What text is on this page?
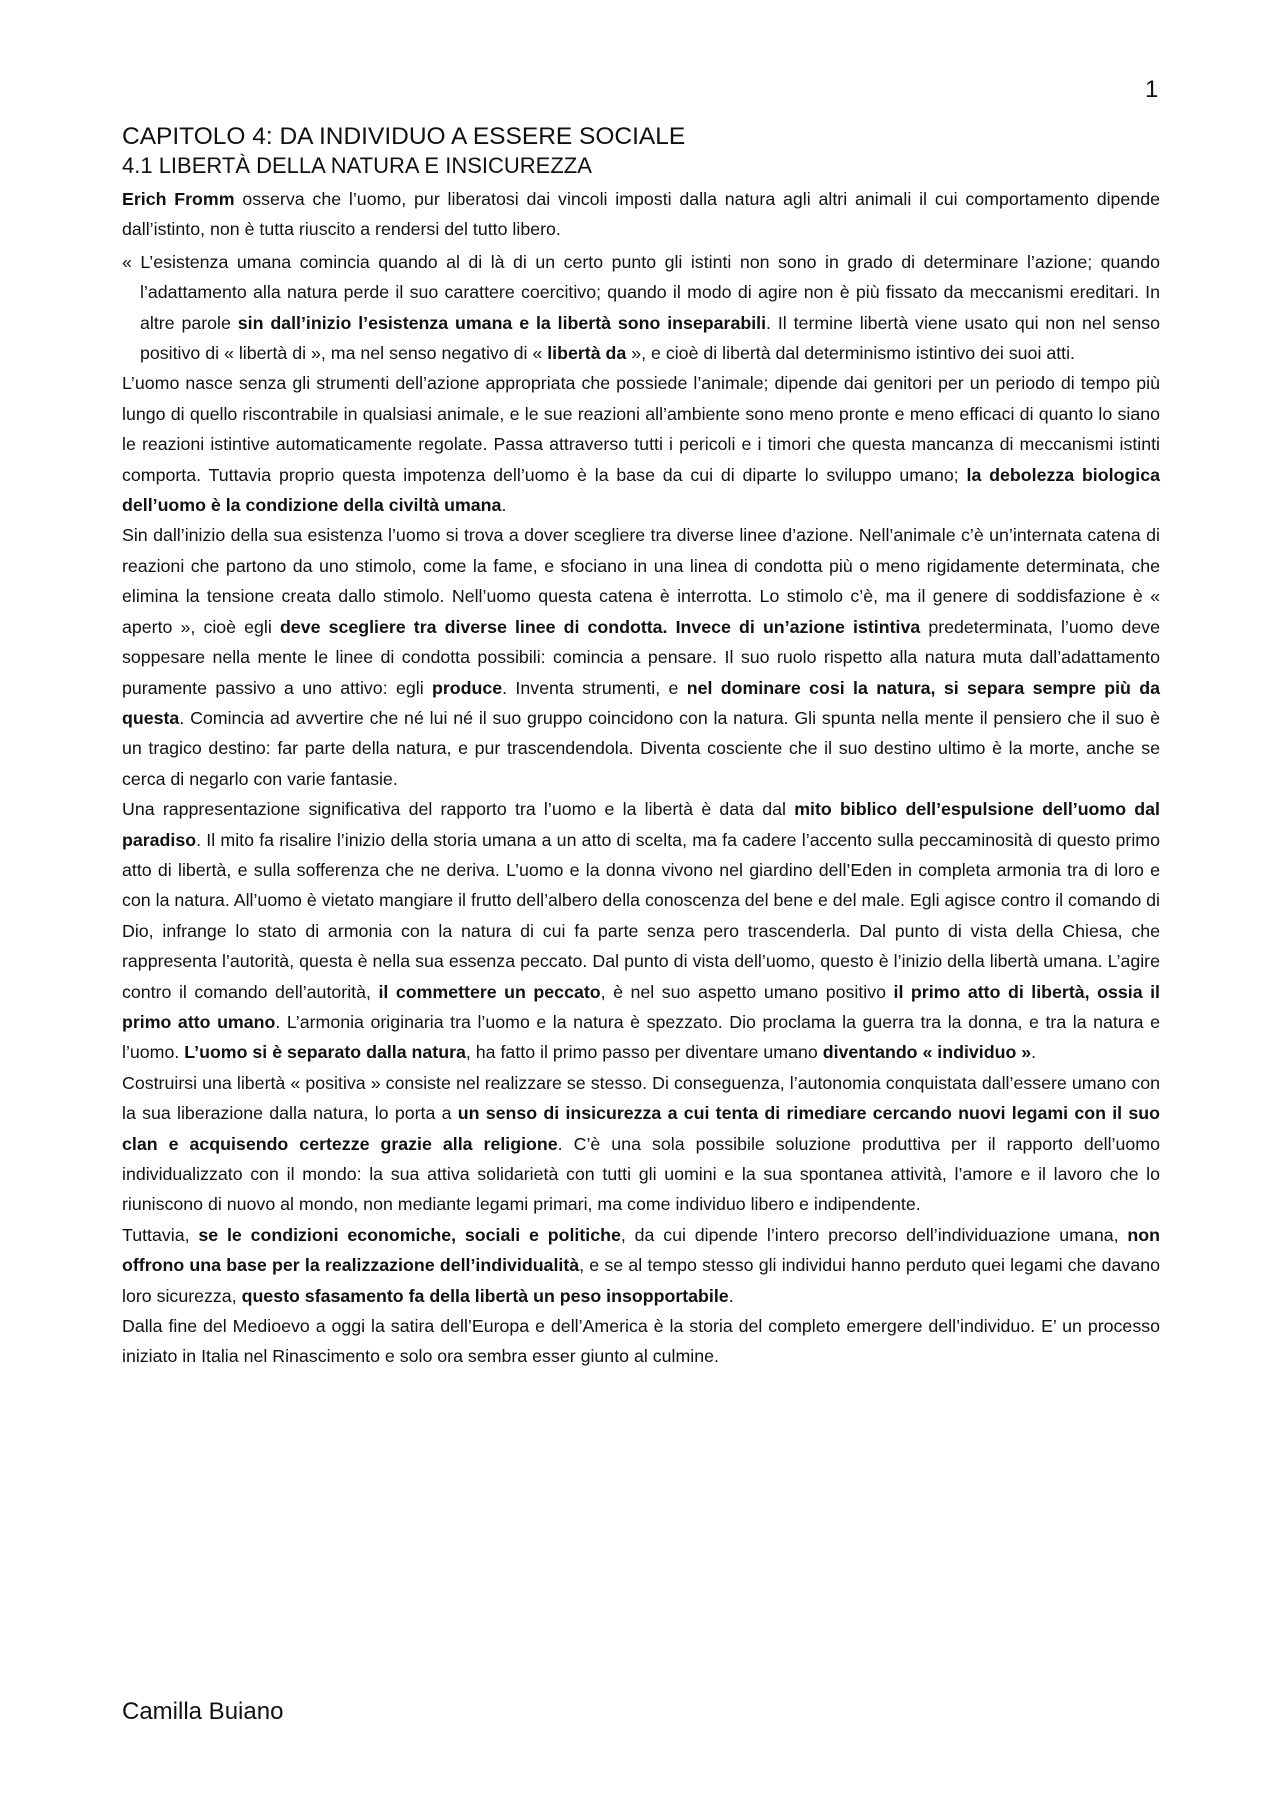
1
CAPITOLO 4: DA INDIVIDUO A ESSERE SOCIALE
4.1 LIBERTÀ DELLA NATURA E INSICUREZZA

Erich Fromm osserva che l’uomo, pur liberatosi dai vincoli imposti dalla natura agli altri animali il cui comportamento dipende dall’istinto, non è tutta riuscito a rendersi del tutto libero.

« L’esistenza umana comincia quando al di là di un certo punto gli istinti non sono in grado di determinare l’azione; quando l’adattamento alla natura perde il suo carattere coercitivo; quando il modo di agire non è più fissato da meccanismi ereditari. In altre parole sin dall’inizio l’esistenza umana e la libertà sono inseparabili. Il termine libertà viene usato qui non nel senso positivo di « libertà di », ma nel senso negativo di « libertà da », e cioè di libertà dal determinismo istintivo dei suoi atti.

L’uomo nasce senza gli strumenti dell’azione appropriata che possiede l’animale; dipende dai genitori per un periodo di tempo più lungo di quello riscontrabile in qualsiasi animale, e le sue reazioni all’ambiente sono meno pronte e meno efficaci di quanto lo siano le reazioni istintive automaticamente regolate. Passa attraverso tutti i pericoli e i timori che questa mancanza di meccanismi istinti comporta. Tuttavia proprio questa impotenza dell’uomo è la base da cui di diparte lo sviluppo umano; la debolezza biologica dell’uomo è la condizione della civiltà umana.

Sin dall’inizio della sua esistenza l’uomo si trova a dover scegliere tra diverse linee d’azione. Nell’animale c’è un’internata catena di reazioni che partono da uno stimolo, come la fame, e sfociano in una linea di condotta più o meno rigidamente determinata, che elimina la tensione creata dallo stimolo. Nell’uomo questa catena è interrotta. Lo stimolo c’è, ma il genere di soddisfazione è « aperto », cioè egli deve scegliere tra diverse linee di condotta. Invece di un’azione istintiva predeterminata, l’uomo deve soppesare nella mente le linee di condotta possibili: comincia a pensare. Il suo ruolo rispetto alla natura muta dall’adattamento puramente passivo a uno attivo: egli produce. Inventa strumenti, e nel dominare cosi la natura, si separa sempre più da questa. Comincia ad avvertire che né lui né il suo gruppo coincidono con la natura. Gli spunta nella mente il pensiero che il suo è un tragico destino: far parte della natura, e pur trascendendola. Diventa cosciente che il suo destino ultimo è la morte, anche se cerca di negarlo con varie fantasie.

Una rappresentazione significativa del rapporto tra l’uomo e la libertà è data dal mito biblico dell’espulsione dell’uomo dal paradiso. Il mito fa risalire l’inizio della storia umana a un atto di scelta, ma fa cadere l’accento sulla peccaminosità di questo primo atto di libertà, e sulla sofferenza che ne deriva. L’uomo e la donna vivono nel giardino dell’Eden in completa armonia tra di loro e con la natura. All’uomo è vietato mangiare il frutto dell’albero della conoscenza del bene e del male. Egli agisce contro il comando di Dio, infrange lo stato di armonia con la natura di cui fa parte senza pero trascenderla. Dal punto di vista della Chiesa, che rappresenta l’autorità, questa è nella sua essenza peccato. Dal punto di vista dell’uomo, questo è l’inizio della libertà umana. L’agire contro il comando dell’autorità, il commettere un peccato, è nel suo aspetto umano positivo il primo atto di libertà, ossia il primo atto umano. L’armonia originaria tra l’uomo e la natura è spezzato. Dio proclama la guerra tra la donna, e tra la natura e l’uomo. L’uomo si è separato dalla natura, ha fatto il primo passo per diventare umano diventando « individuo ».

Costruirsi una libertà « positiva » consiste nel realizzare se stesso. Di conseguenza, l’autonomia conquistata dall’essere umano con la sua liberazione dalla natura, lo porta a un senso di insicurezza a cui tenta di rimediare cercando nuovi legami con il suo clan e acquisendo certezze grazie alla religione. C’è una sola possibile soluzione produttiva per il rapporto dell’uomo individualizzato con il mondo: la sua attiva solidarietà con tutti gli uomini e la sua spontanea attività, l’amore e il lavoro che lo riuniscono di nuovo al mondo, non mediante legami primari, ma come individuo libero e indipendente.

Tuttavia, se le condizioni economiche, sociali e politiche, da cui dipende l’intero precorso dell’individuazione umana, non offrono una base per la realizzazione dell’individualità, e se al tempo stesso gli individui hanno perduto quei legami che davano loro sicurezza, questo sfasamento fa della libertà un peso insopportabile.

Dalla fine del Medioevo a oggi la satira dell’Europa e dell’America è la storia del completo emergere dell’individuo. E’ un processo iniziato in Italia nel Rinascimento e solo ora sembra esser giunto al culmine.

Camilla Buiano
